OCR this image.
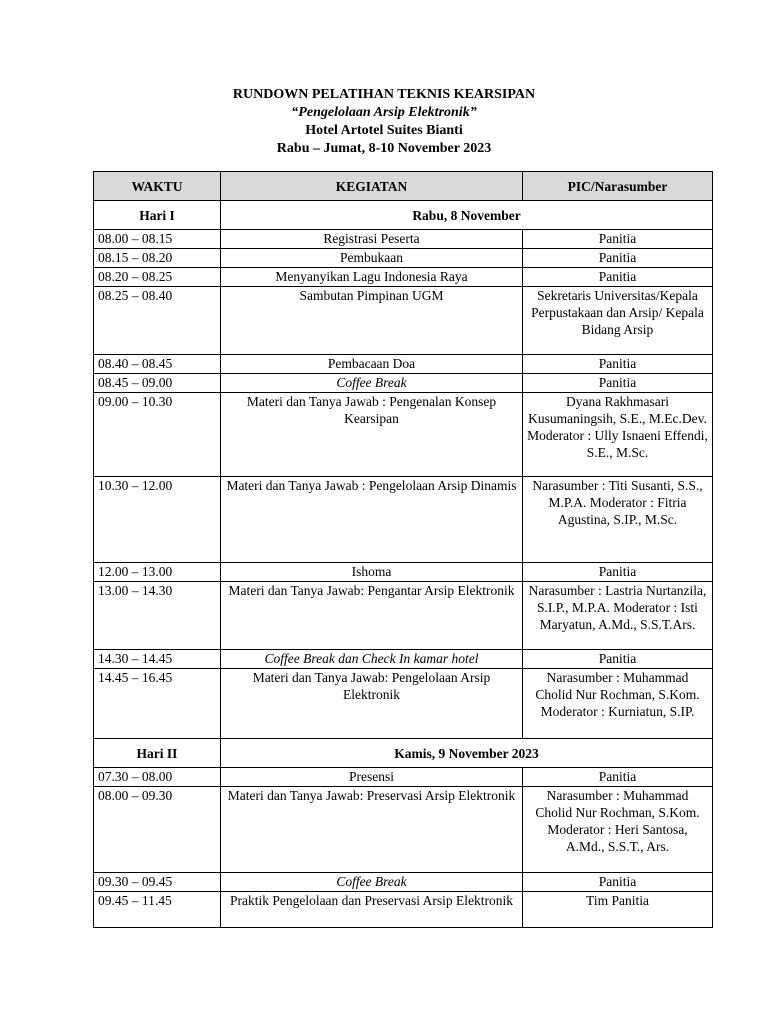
RUNDOWN PELATIHAN TEKNIS KEARSIPAN
“Pengelolaan Arsip Elektronik”
Hotel Artotel Suites Bianti
Rabu – Jumat, 8-10 November 2023
WAKTU	KEGIATAN	PIC/Narasumber
Hari I	Rabu, 8 November	
08.00 – 08.15	Registrasi Peserta	Panitia
08.15 – 08.20	Pembukaan	Panitia
08.20 – 08.25	Menyanyikan Lagu Indonesia Raya	Panitia
08.25 – 08.40	Sambutan Pimpinan UGM	Sekretaris Universitas/Kepala Perpustakaan dan Arsip/ Kepala Bidang Arsip
08.40 – 08.45	Pembacaan Doa	Panitia
08.45 – 09.00	Coffee Break	Panitia
09.00 – 10.30	Materi dan Tanya Jawab : Pengenalan Konsep Kearsipan	Dyana Rakhmasari Kusumaningsih, S.E., M.Ec.Dev. Moderator : Ully Isnaeni Effendi, S.E., M.Sc.
10.30 – 12.00	Materi dan Tanya Jawab : Pengelolaan Arsip Dinamis	Narasumber : Titi Susanti, S.S., M.P.A. Moderator : Fitria Agustina, S.IP., M.Sc.
12.00 – 13.00	Ishoma	Panitia
13.00 – 14.30	Materi dan Tanya Jawab: Pengantar Arsip Elektronik	Narasumber : Lastria Nurtanzila, S.I.P., M.P.A. Moderator : Isti Maryatun, A.Md., S.S.T.Ars.
14.30 – 14.45	Coffee Break dan Check In kamar hotel	Panitia
14.45 – 16.45	Materi dan Tanya Jawab: Pengelolaan Arsip Elektronik	Narasumber : Muhammad Cholid Nur Rochman, S.Kom. Moderator : Kurniatun, S.IP.
Hari II	Kamis, 9 November 2023	
07.30 – 08.00	Presensi	Panitia
08.00 – 09.30	Materi dan Tanya Jawab: Preservasi Arsip Elektronik	Narasumber : Muhammad Cholid Nur Rochman, S.Kom. Moderator : Heri Santosa, A.Md., S.S.T., Ars.
09.30 – 09.45	Coffee Break	Panitia
09.45 – 11.45	Praktik Pengelolaan dan Preservasi Arsip Elektronik	Tim Panitia
